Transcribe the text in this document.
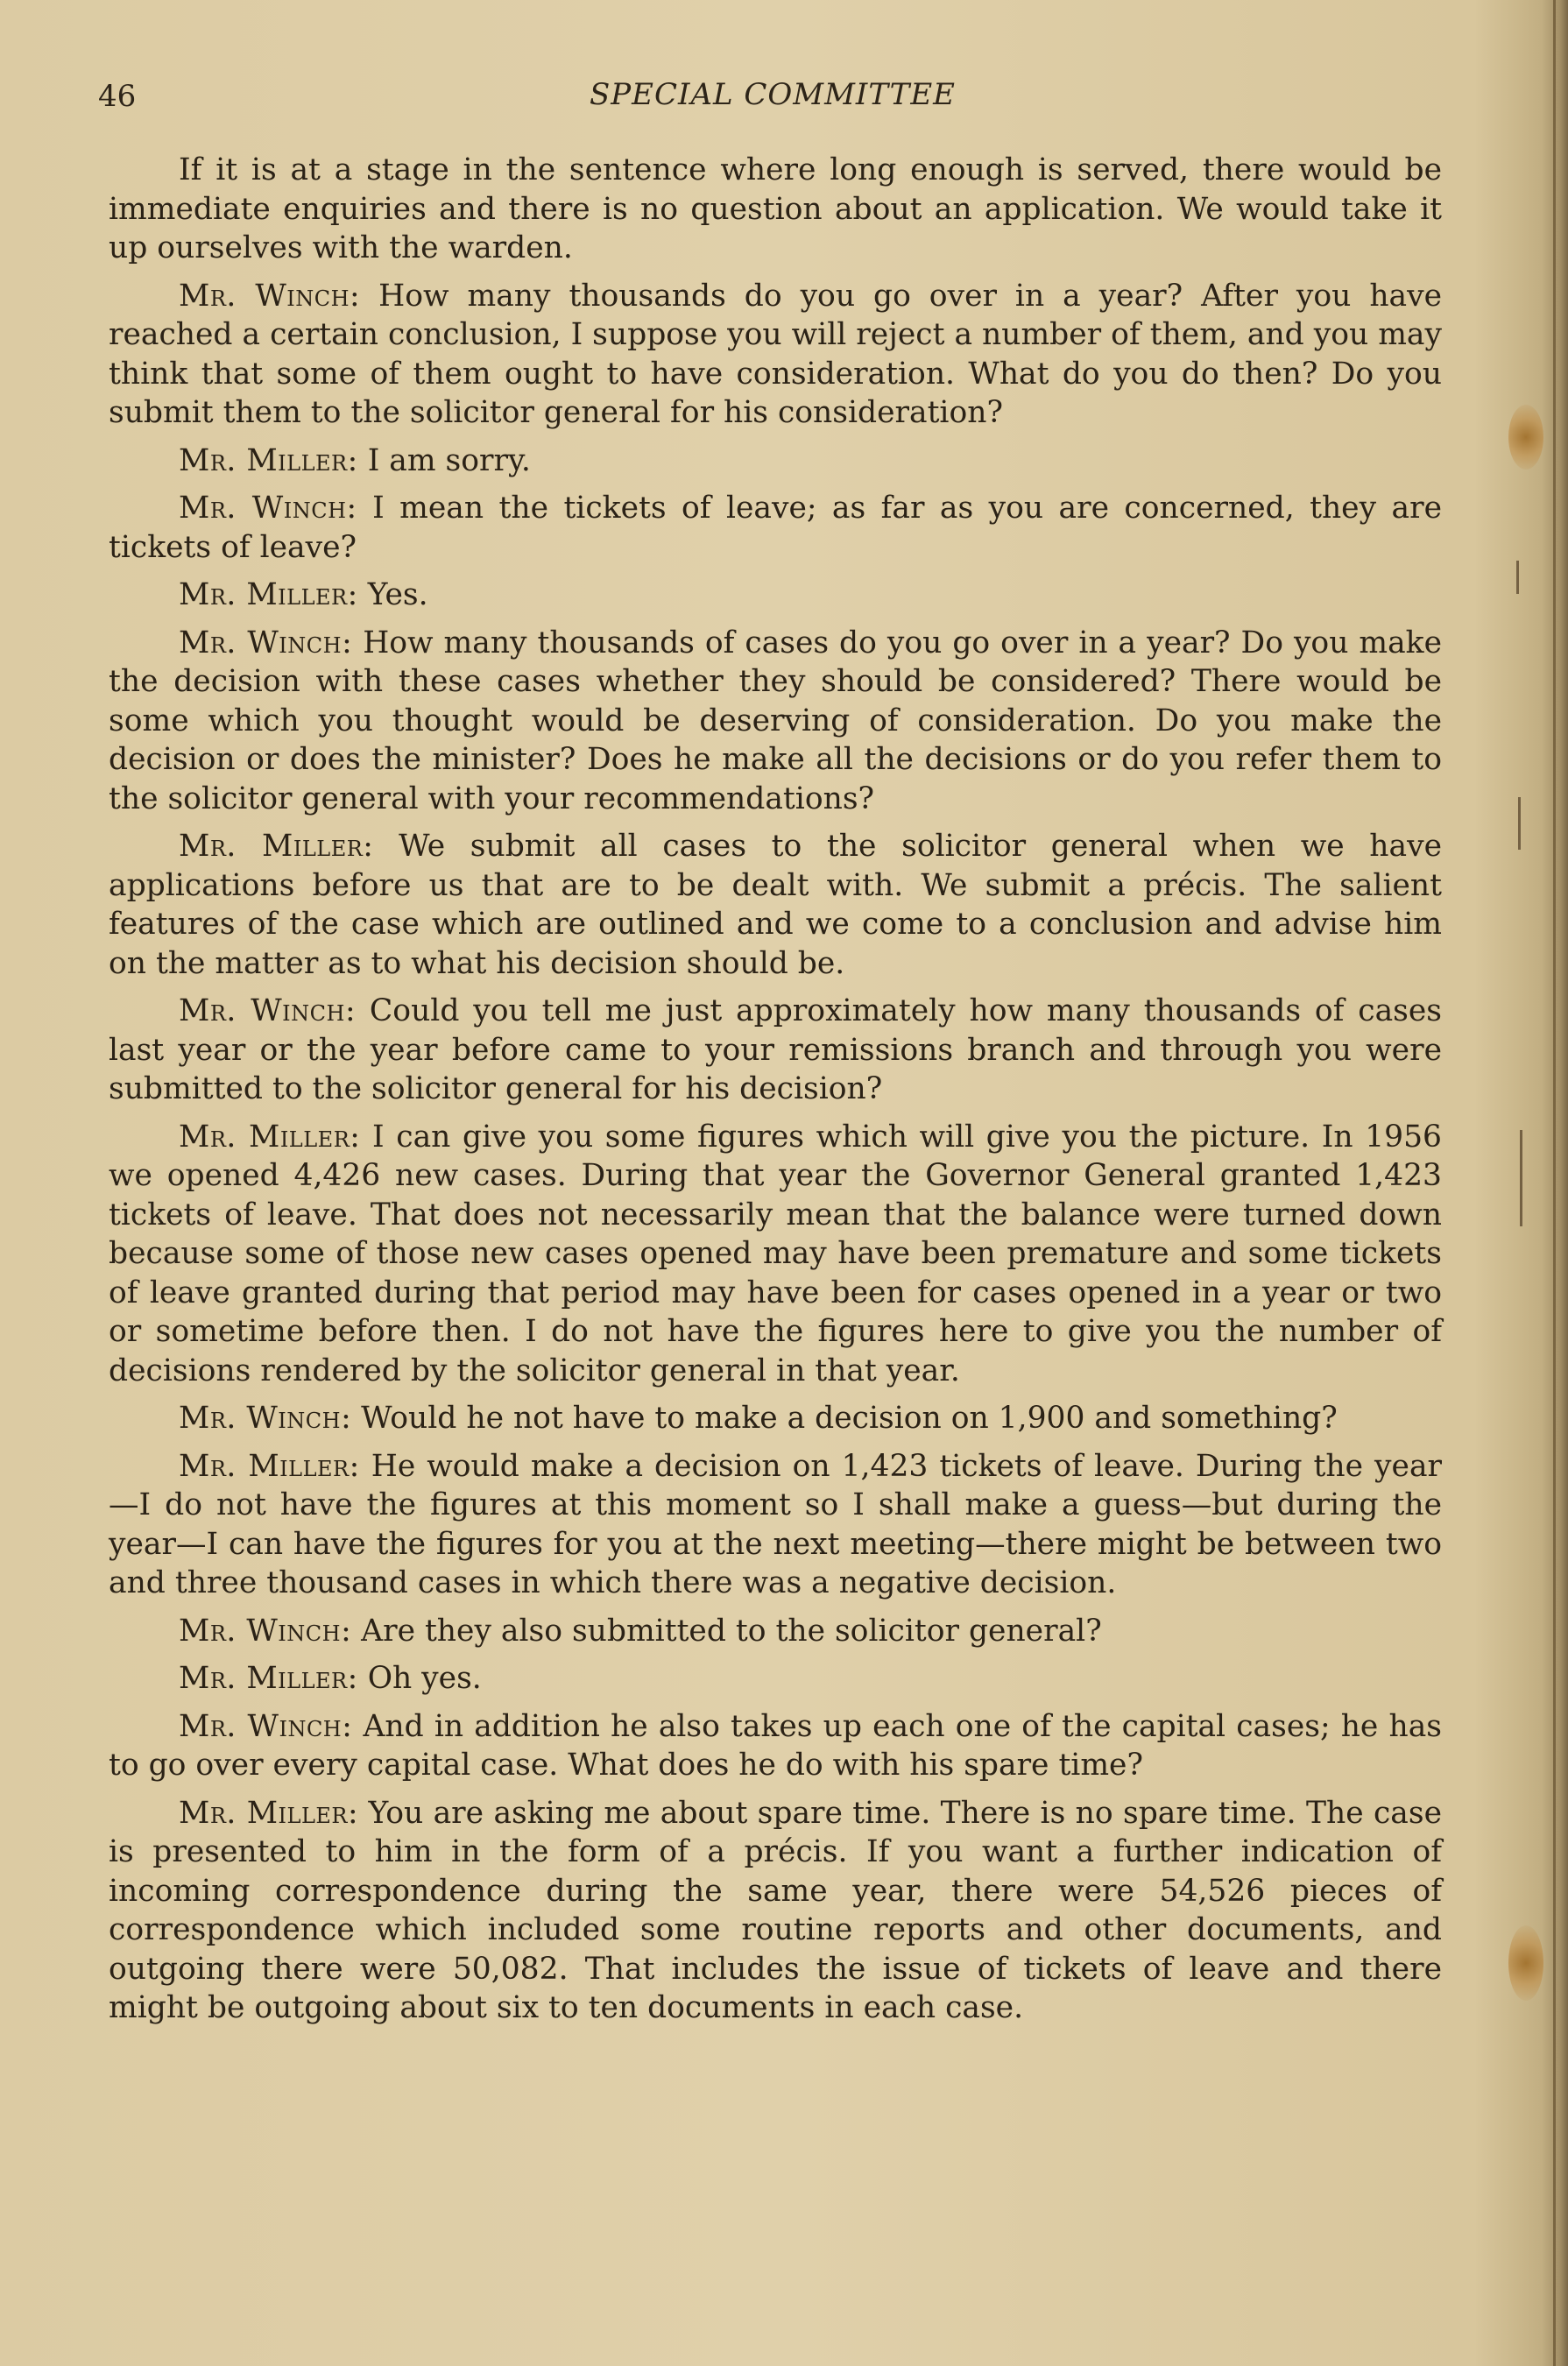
46	SPECIAL COMMITTEE

If it is at a stage in the sentence where long enough is served, there would be immediate enquiries and there is no question about an application. We would take it up ourselves with the warden.

Mr. Winch: How many thousands do you go over in a year? After you have reached a certain conclusion, I suppose you will reject a number of them, and you may think that some of them ought to have consideration. What do you do then? Do you submit them to the solicitor general for his consideration?

Mr. Miller: I am sorry.

Mr. Winch: I mean the tickets of leave; as far as you are concerned, they are tickets of leave?

Mr. Miller: Yes.

Mr. Winch: How many thousands of cases do you go over in a year? Do you make the decision with these cases whether they should be considered? There would be some which you thought would be deserving of consideration. Do you make the decision or does the minister? Does he make all the decisions or do you refer them to the solicitor general with your recommendations?

Mr. Miller: We submit all cases to the solicitor general when we have applications before us that are to be dealt with. We submit a précis. The salient features of the case which are outlined and we come to a conclusion and advise him on the matter as to what his decision should be.

Mr. Winch: Could you tell me just approximately how many thousands of cases last year or the year before came to your remissions branch and through you were submitted to the solicitor general for his decision?

Mr. Miller: I can give you some figures which will give you the picture. In 1956 we opened 4,426 new cases. During that year the Governor General granted 1,423 tickets of leave. That does not necessarily mean that the balance were turned down because some of those new cases opened may have been premature and some tickets of leave granted during that period may have been for cases opened in a year or two or sometime before then. I do not have the figures here to give you the number of decisions rendered by the solicitor general in that year.

Mr. Winch: Would he not have to make a decision on 1,900 and something?

Mr. Miller: He would make a decision on 1,423 tickets of leave. During the year—I do not have the figures at this moment so I shall make a guess—but during the year—I can have the figures for you at the next meeting—there might be between two and three thousand cases in which there was a negative decision.

Mr. Winch: Are they also submitted to the solicitor general?

Mr. Miller: Oh yes.

Mr. Winch: And in addition he also takes up each one of the capital cases; he has to go over every capital case. What does he do with his spare time?

Mr. Miller: You are asking me about spare time. There is no spare time. The case is presented to him in the form of a précis. If you want a further indication of incoming correspondence during the same year, there were 54,526 pieces of correspondence which included some routine reports and other documents, and outgoing there were 50,082. That includes the issue of tickets of leave and there might be outgoing about six to ten documents in each case.
